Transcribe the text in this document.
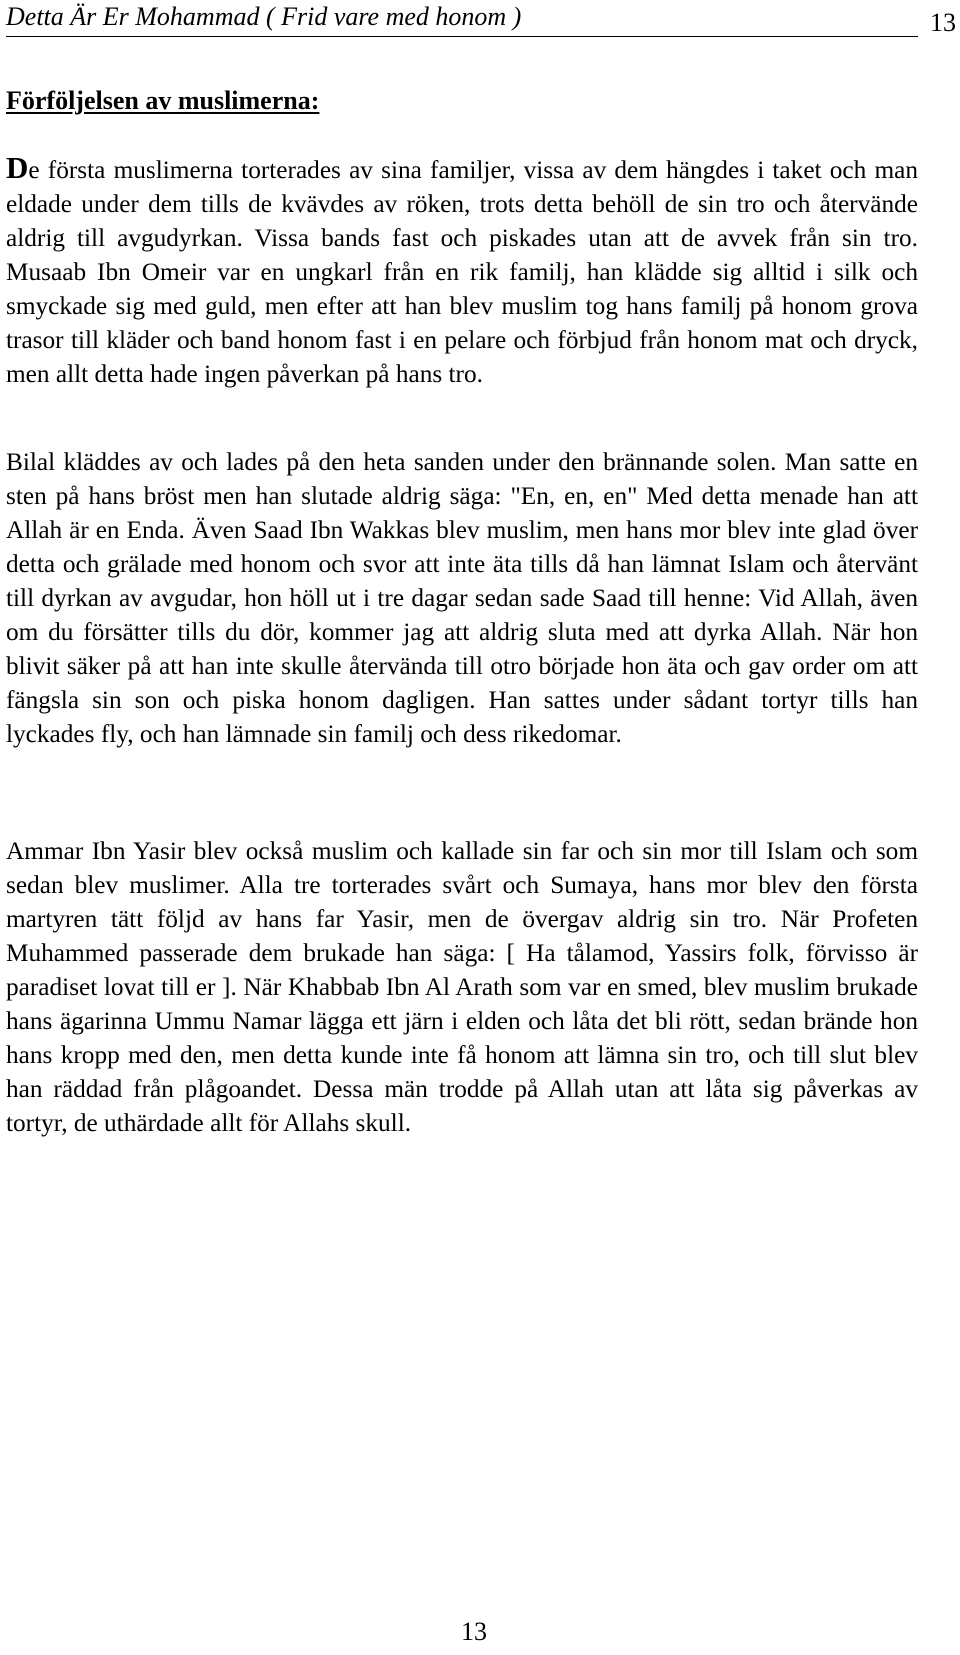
Detta Är Er Mohammad ( Frid vare med honom )	13
Förföljelsen av muslimerna:

De första muslimerna torterades av sina familjer, vissa av dem hängdes i taket och man eldade under dem tills de kvävdes av röken, trots detta behöll de sin tro och återvände aldrig till avgudyrkan. Vissa bands fast och piskades utan att de avvek från sin tro. Musaab Ibn Omeir var en ungkarl från en rik familj, han klädde sig alltid i silk och smyckade sig med guld, men efter att han blev muslim tog hans familj på honom grova trasor till kläder och band honom fast i en pelare och förbjud från honom mat och dryck, men allt detta hade ingen påverkan på hans tro.

Bilal kläddes av och lades på den heta sanden under den brännande solen. Man satte en sten på hans bröst men han slutade aldrig säga: "En, en, en" Med detta menade han att Allah är en Enda. Även Saad Ibn Wakkas blev muslim, men hans mor blev inte glad över detta och grälade med honom och svor att inte äta tills då han lämnat Islam och återvänt till dyrkan av avgudar, hon höll ut i tre dagar sedan sade Saad till henne: Vid Allah, även om du försätter tills du dör, kommer jag att aldrig sluta med att dyrka Allah. När hon blivit säker på att han inte skulle återvända till otro började hon äta och gav order om att fängsla sin son och piska honom dagligen. Han sattes under sådant tortyr tills han lyckades fly, och han lämnade sin familj och dess rikedomar.

Ammar Ibn Yasir blev också muslim och kallade sin far och sin mor till Islam och som sedan blev muslimer. Alla tre torterades svårt och Sumaya, hans mor blev den första martyren tätt följd av hans far Yasir, men de övergav aldrig sin tro. När Profeten Muhammed passerade dem brukade han säga: [ Ha tålamod, Yassirs folk, förvisso är paradiset lovat till er ]. När Khabbab Ibn Al Arath som var en smed, blev muslim brukade hans ägarinna Ummu Namar lägga ett järn i elden och låta det bli rött, sedan brände hon hans kropp med den, men detta kunde inte få honom att lämna sin tro, och till slut blev han räddad från plågoandet. Dessa män trodde på Allah utan att låta sig påverkas av tortyr, de uthärdade allt för Allahs skull.

13
